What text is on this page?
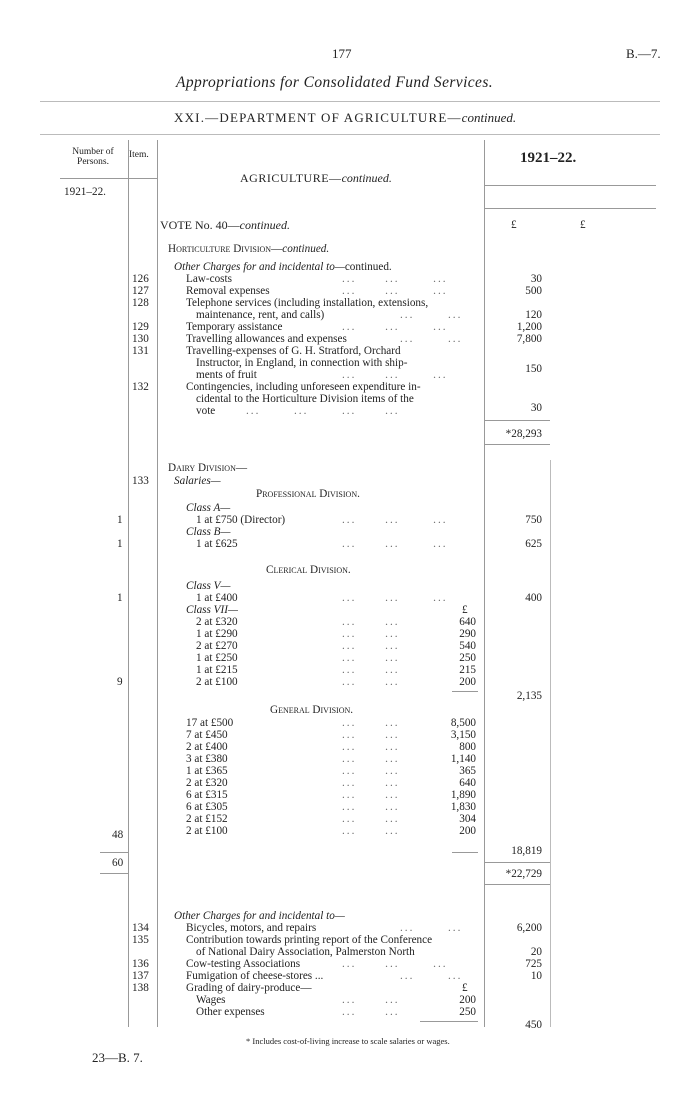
177	B.—7.
Appropriations for Consolidated Fund Services.
XXI.—DEPARTMENT OF AGRICULTURE—continued.
Number of Persons.
Item.	1921–22.
1921–22.
£	£
AGRICULTURE—continued.
VOTE No. 40—continued.
Horticulture Division—continued.
Other Charges for and incidental to—continued.
126	Law-costs	...      ...       ...	30
127	Removal expenses	...      ...       ...	500
128	Telephone services (including installation, extensions,
maintenance, rent, and calls)	...       ...	120
129	Temporary assistance	...      ...       ...	1,200
130	Travelling allowances and expenses	...       ...	7,800
131	Travelling-expenses of G. H. Stratford, Orchard
Instructor, in England, in connection with ship-
ments of fruit	...      ...       ...	150
132	Contingencies, including unforeseen expenditure in-
cidental to the Horticulture Division items of the
vote	...       ...       ...      ...	30
*28,293
Dairy Division—
133 Salaries—
Professional Division.
Class A—
1	1 at £750 (Director)	...      ...       ...	750
Class B—
1	1 at £625	...      ...       ...	625
Clerical Division.
Class V—
1	1 at £400	...      ...       ...	400
Class VII—	£
2 at £320	...      ...	640
1 at £290	...      ...	290
2 at £270	...      ...	540
1 at £250	...      ...	250
1 at £215	...      ...	215
9	2 at £100	...      ...	200
2,135
General Division.
17 at £500	...      ...	8,500
7 at £450	...      ...	3,150
2 at £400	...      ...	800
3 at £380	...      ...	1,140
1 at £365	...      ...	365
2 at £320	...      ...	640
6 at £315	...      ...	1,890
6 at £305	...      ...	1,830
2 at £152	...      ...	304
48	2 at £100	...      ...	200
18,819
60
*22,729
Other Charges for and incidental to—
134	Bicycles, motors, and repairs	...       ...	6,200
135	Contribution towards printing report of the Conference
of National Dairy Association, Palmerston North	20
136	Cow-testing Associations	...      ...       ...	725
137	Fumigation of cheese-stores ...	...       ...	10
138	Grading of dairy-produce—	£
Wages	...      ...	200
Other expenses	...      ...	250
450
* Includes cost-of-living increase to scale salaries or wages.
23—B. 7.
